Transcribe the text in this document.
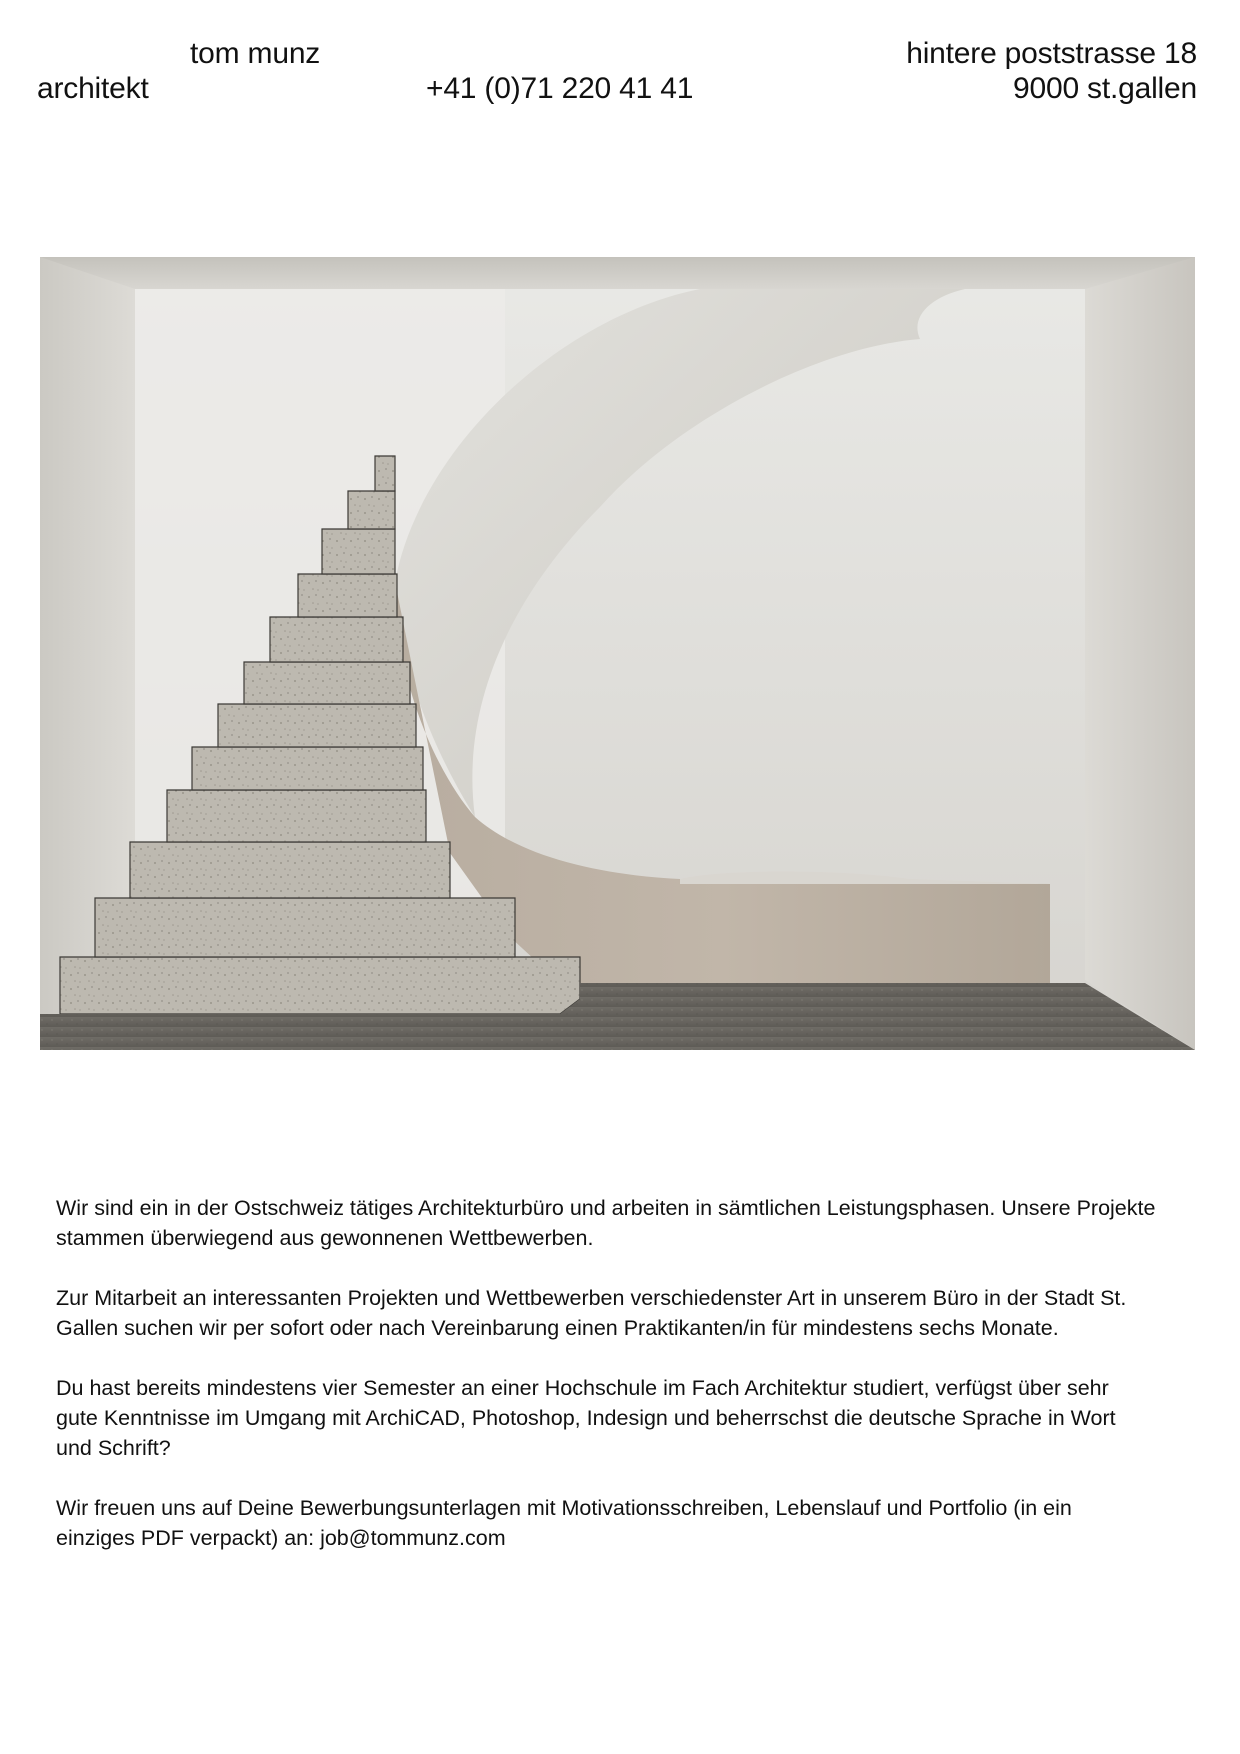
tom munz
architekt	+41 (0)71 220 41 41
hintere poststrasse 18
9000 st.gallen

Wir sind ein in der Ostschweiz tätiges Architekturbüro und arbeiten in sämtlichen Leistungsphasen. Unsere Projekte stammen überwiegend aus gewonnenen Wettbewerben.

Zur Mitarbeit an interessanten Projekten und Wettbewerben verschiedenster Art in unserem Büro in der Stadt St. Gallen suchen wir per sofort oder nach Vereinbarung einen Praktikanten/in für mindestens sechs Monate.

Du hast bereits mindestens vier Semester an einer Hochschule im Fach Architektur studiert, verfügst über sehr gute Kenntnisse im Umgang mit ArchiCAD, Photoshop, Indesign und beherrschst die deutsche Sprache in Wort und Schrift?

Wir freuen uns auf Deine Bewerbungsunterlagen mit Motivationsschreiben, Lebenslauf und Portfolio (in ein einziges PDF verpackt) an: job@tommunz.com
